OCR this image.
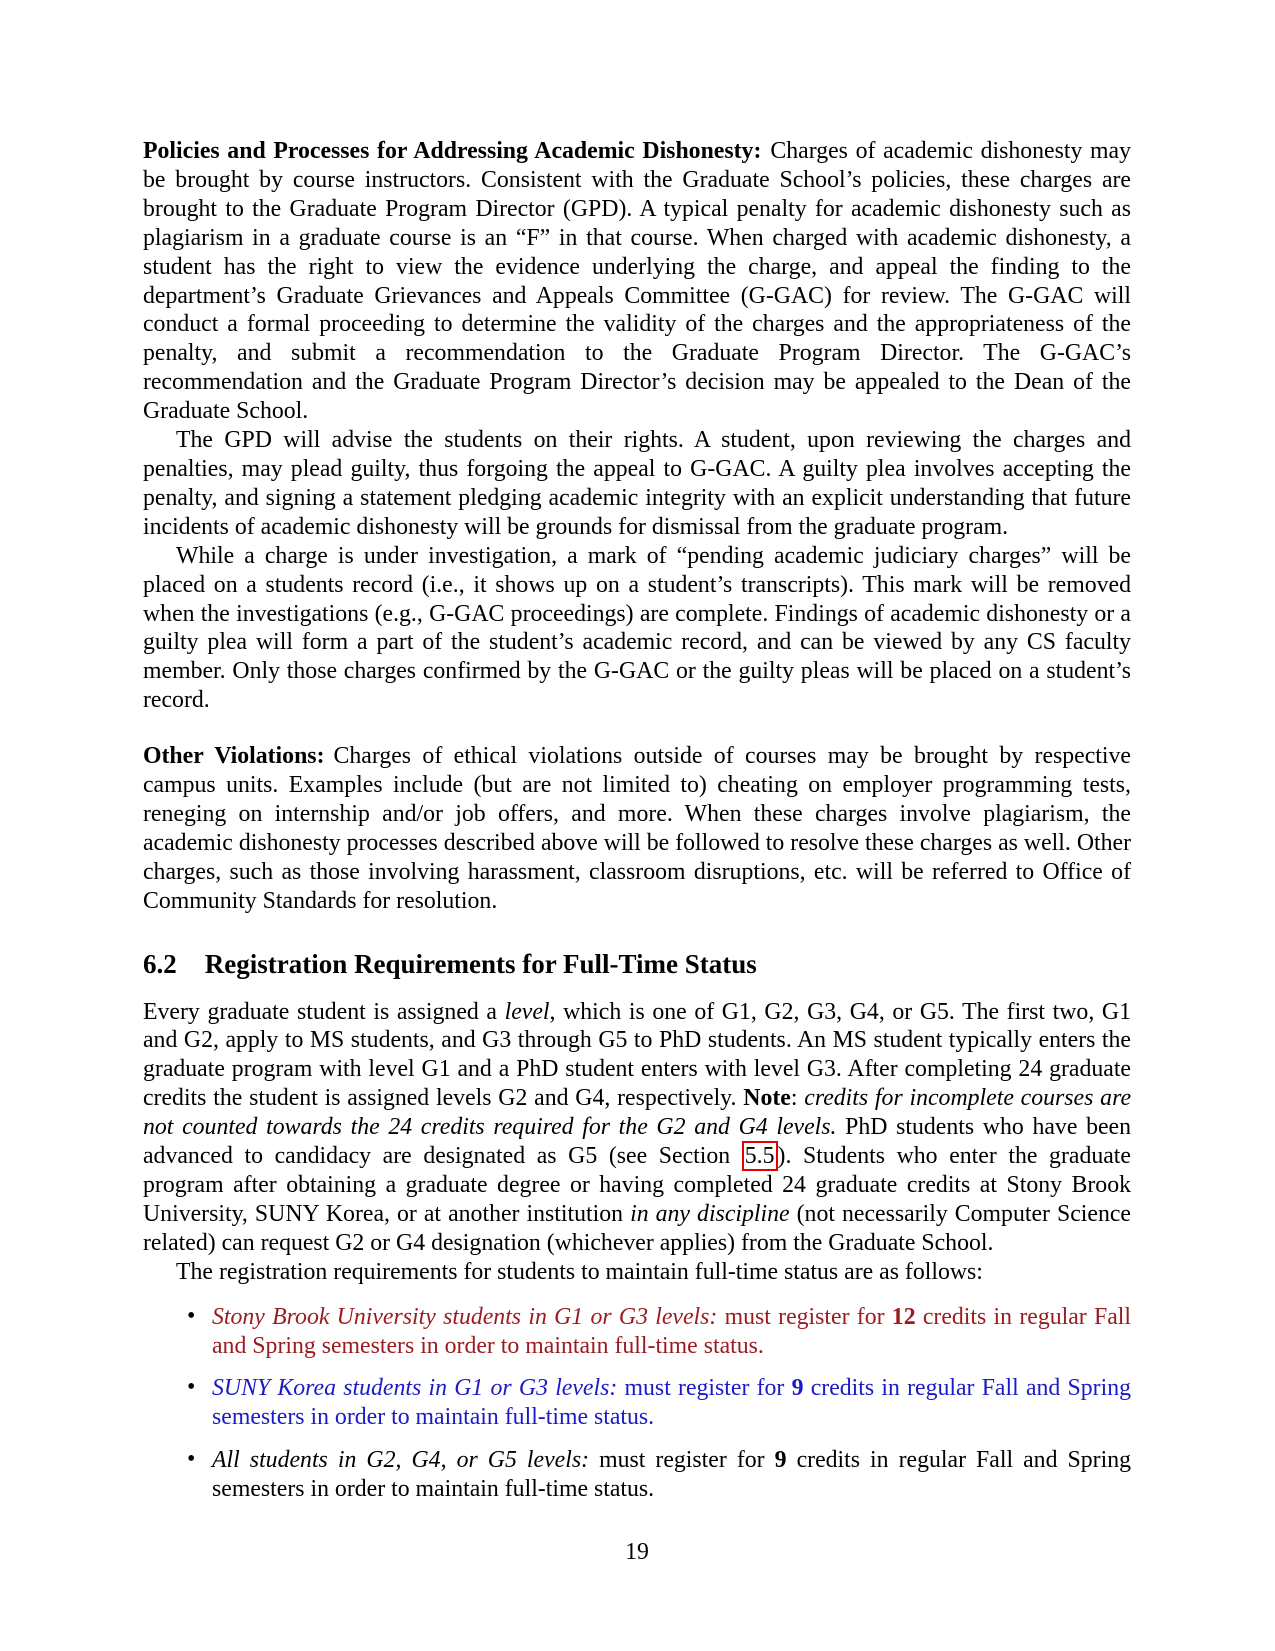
Policies and Processes for Addressing Academic Dishonesty: Charges of academic dishonesty may be brought by course instructors. Consistent with the Graduate School’s policies, these charges are brought to the Graduate Program Director (GPD). A typical penalty for academic dishonesty such as plagiarism in a graduate course is an “F” in that course. When charged with academic dishonesty, a student has the right to view the evidence underlying the charge, and appeal the finding to the department’s Graduate Grievances and Appeals Committee (G-GAC) for review. The G-GAC will conduct a formal proceeding to determine the validity of the charges and the appropriateness of the penalty, and submit a recommendation to the Graduate Program Director. The G-GAC’s recommendation and the Graduate Program Director’s decision may be appealed to the Dean of the Graduate School.

The GPD will advise the students on their rights. A student, upon reviewing the charges and penalties, may plead guilty, thus forgoing the appeal to G-GAC. A guilty plea involves accepting the penalty, and signing a statement pledging academic integrity with an explicit understanding that future incidents of academic dishonesty will be grounds for dismissal from the graduate program.

While a charge is under investigation, a mark of “pending academic judiciary charges” will be placed on a students record (i.e., it shows up on a student’s transcripts). This mark will be removed when the investigations (e.g., G-GAC proceedings) are complete. Findings of academic dishonesty or a guilty plea will form a part of the student’s academic record, and can be viewed by any CS faculty member. Only those charges confirmed by the G-GAC or the guilty pleas will be placed on a student’s record.

Other Violations: Charges of ethical violations outside of courses may be brought by respective campus units. Examples include (but are not limited to) cheating on employer programming tests, reneging on internship and/or job offers, and more. When these charges involve plagiarism, the academic dishonesty processes described above will be followed to resolve these charges as well. Other charges, such as those involving harassment, classroom disruptions, etc. will be referred to Office of Community Standards for resolution.

6.2 Registration Requirements for Full-Time Status

Every graduate student is assigned a level, which is one of G1, G2, G3, G4, or G5. The first two, G1 and G2, apply to MS students, and G3 through G5 to PhD students. An MS student typically enters the graduate program with level G1 and a PhD student enters with level G3. After completing 24 graduate credits the student is assigned levels G2 and G4, respectively. Note: credits for incomplete courses are not counted towards the 24 credits required for the G2 and G4 levels. PhD students who have been advanced to candidacy are designated as G5 (see Section 5.5 ). Students who enter the graduate program after obtaining a graduate degree or having completed 24 graduate credits at Stony Brook University, SUNY Korea, or at another institution in any discipline (not necessarily Computer Science related) can request G2 or G4 designation (whichever applies) from the Graduate School.

The registration requirements for students to maintain full-time status are as follows:

• Stony Brook University students in G1 or G3 levels: must register for 12 credits in regular Fall and Spring semesters in order to maintain full-time status.
• SUNY Korea students in G1 or G3 levels: must register for 9 credits in regular Fall and Spring semesters in order to maintain full-time status.
• All students in G2, G4, or G5 levels: must register for 9 credits in regular Fall and Spring semesters in order to maintain full-time status.
19
